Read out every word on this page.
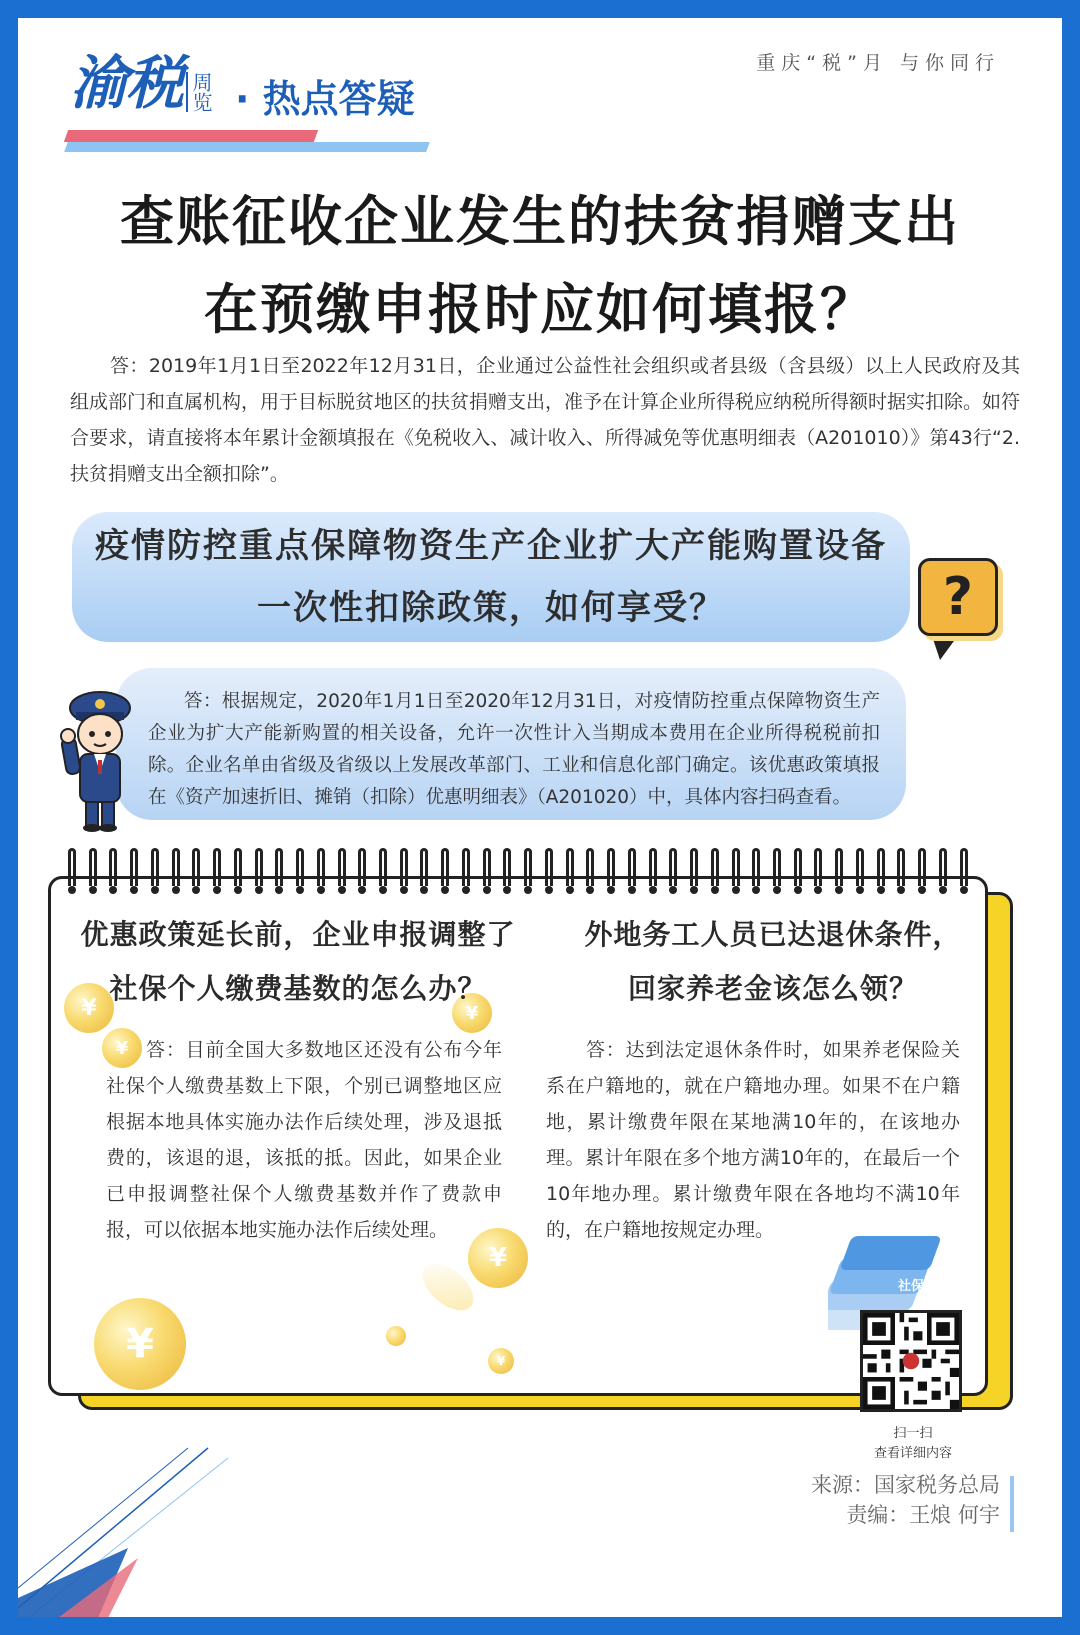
渝税 周览 · 热点答疑
重庆“税”月 与你同行
查账征收企业发生的扶贫捐赠支出
在预缴申报时应如何填报？

答：2019年1月1日至2022年12月31日，企业通过公益性社会组织或者县级（含县级）以上人民政府及其组成部门和直属机构，用于目标脱贫地区的扶贫捐赠支出，准予在计算企业所得税应纳税所得额时据实扣除。如符合要求，请直接将本年累计金额填报在《免税收入、减计收入、所得减免等优惠明细表（A201010）》第43行“2.扶贫捐赠支出全额扣除”。

疫情防控重点保障物资生产企业扩大产能购置设备
一次性扣除政策，如何享受？	?

答：根据规定，2020年1月1日至2020年12月31日，对疫情防控重点保障物资生产企业为扩大产能新购置的相关设备，允许一次性计入当期成本费用在企业所得税税前扣除。企业名单由省级及省级以上发展改革部门、工业和信息化部门确定。该优惠政策填报在《资产加速折旧、摊销（扣除）优惠明细表》（A201020）中，具体内容扫码查看。

¥
¥
¥
¥
¥	¥
优惠政策延长前，企业申报调整了
社保个人缴费基数的怎么办？

答：目前全国大多数地区还没有公布今年社保个人缴费基数上下限，个别已调整地区应根据本地具体实施办法作后续处理，涉及退抵费的，该退的退，该抵的抵。因此，如果企业已申报调整社保个人缴费基数并作了费款申报，可以依据本地实施办法作后续处理。

外地务工人员已达退休条件，
回家养老金该怎么领？

答：达到法定退休条件时，如果养老保险关系在户籍地的，就在户籍地办理。如果不在户籍地，累计缴费年限在某地满10年的，在该地办理。累计年限在多个地方满10年的，在最后一个10年地办理。累计缴费年限在各地均不满10年的，在户籍地按规定办理。

社保
扫一扫
查看详细内容
来源：国家税务总局
责编：王烺 何宇
